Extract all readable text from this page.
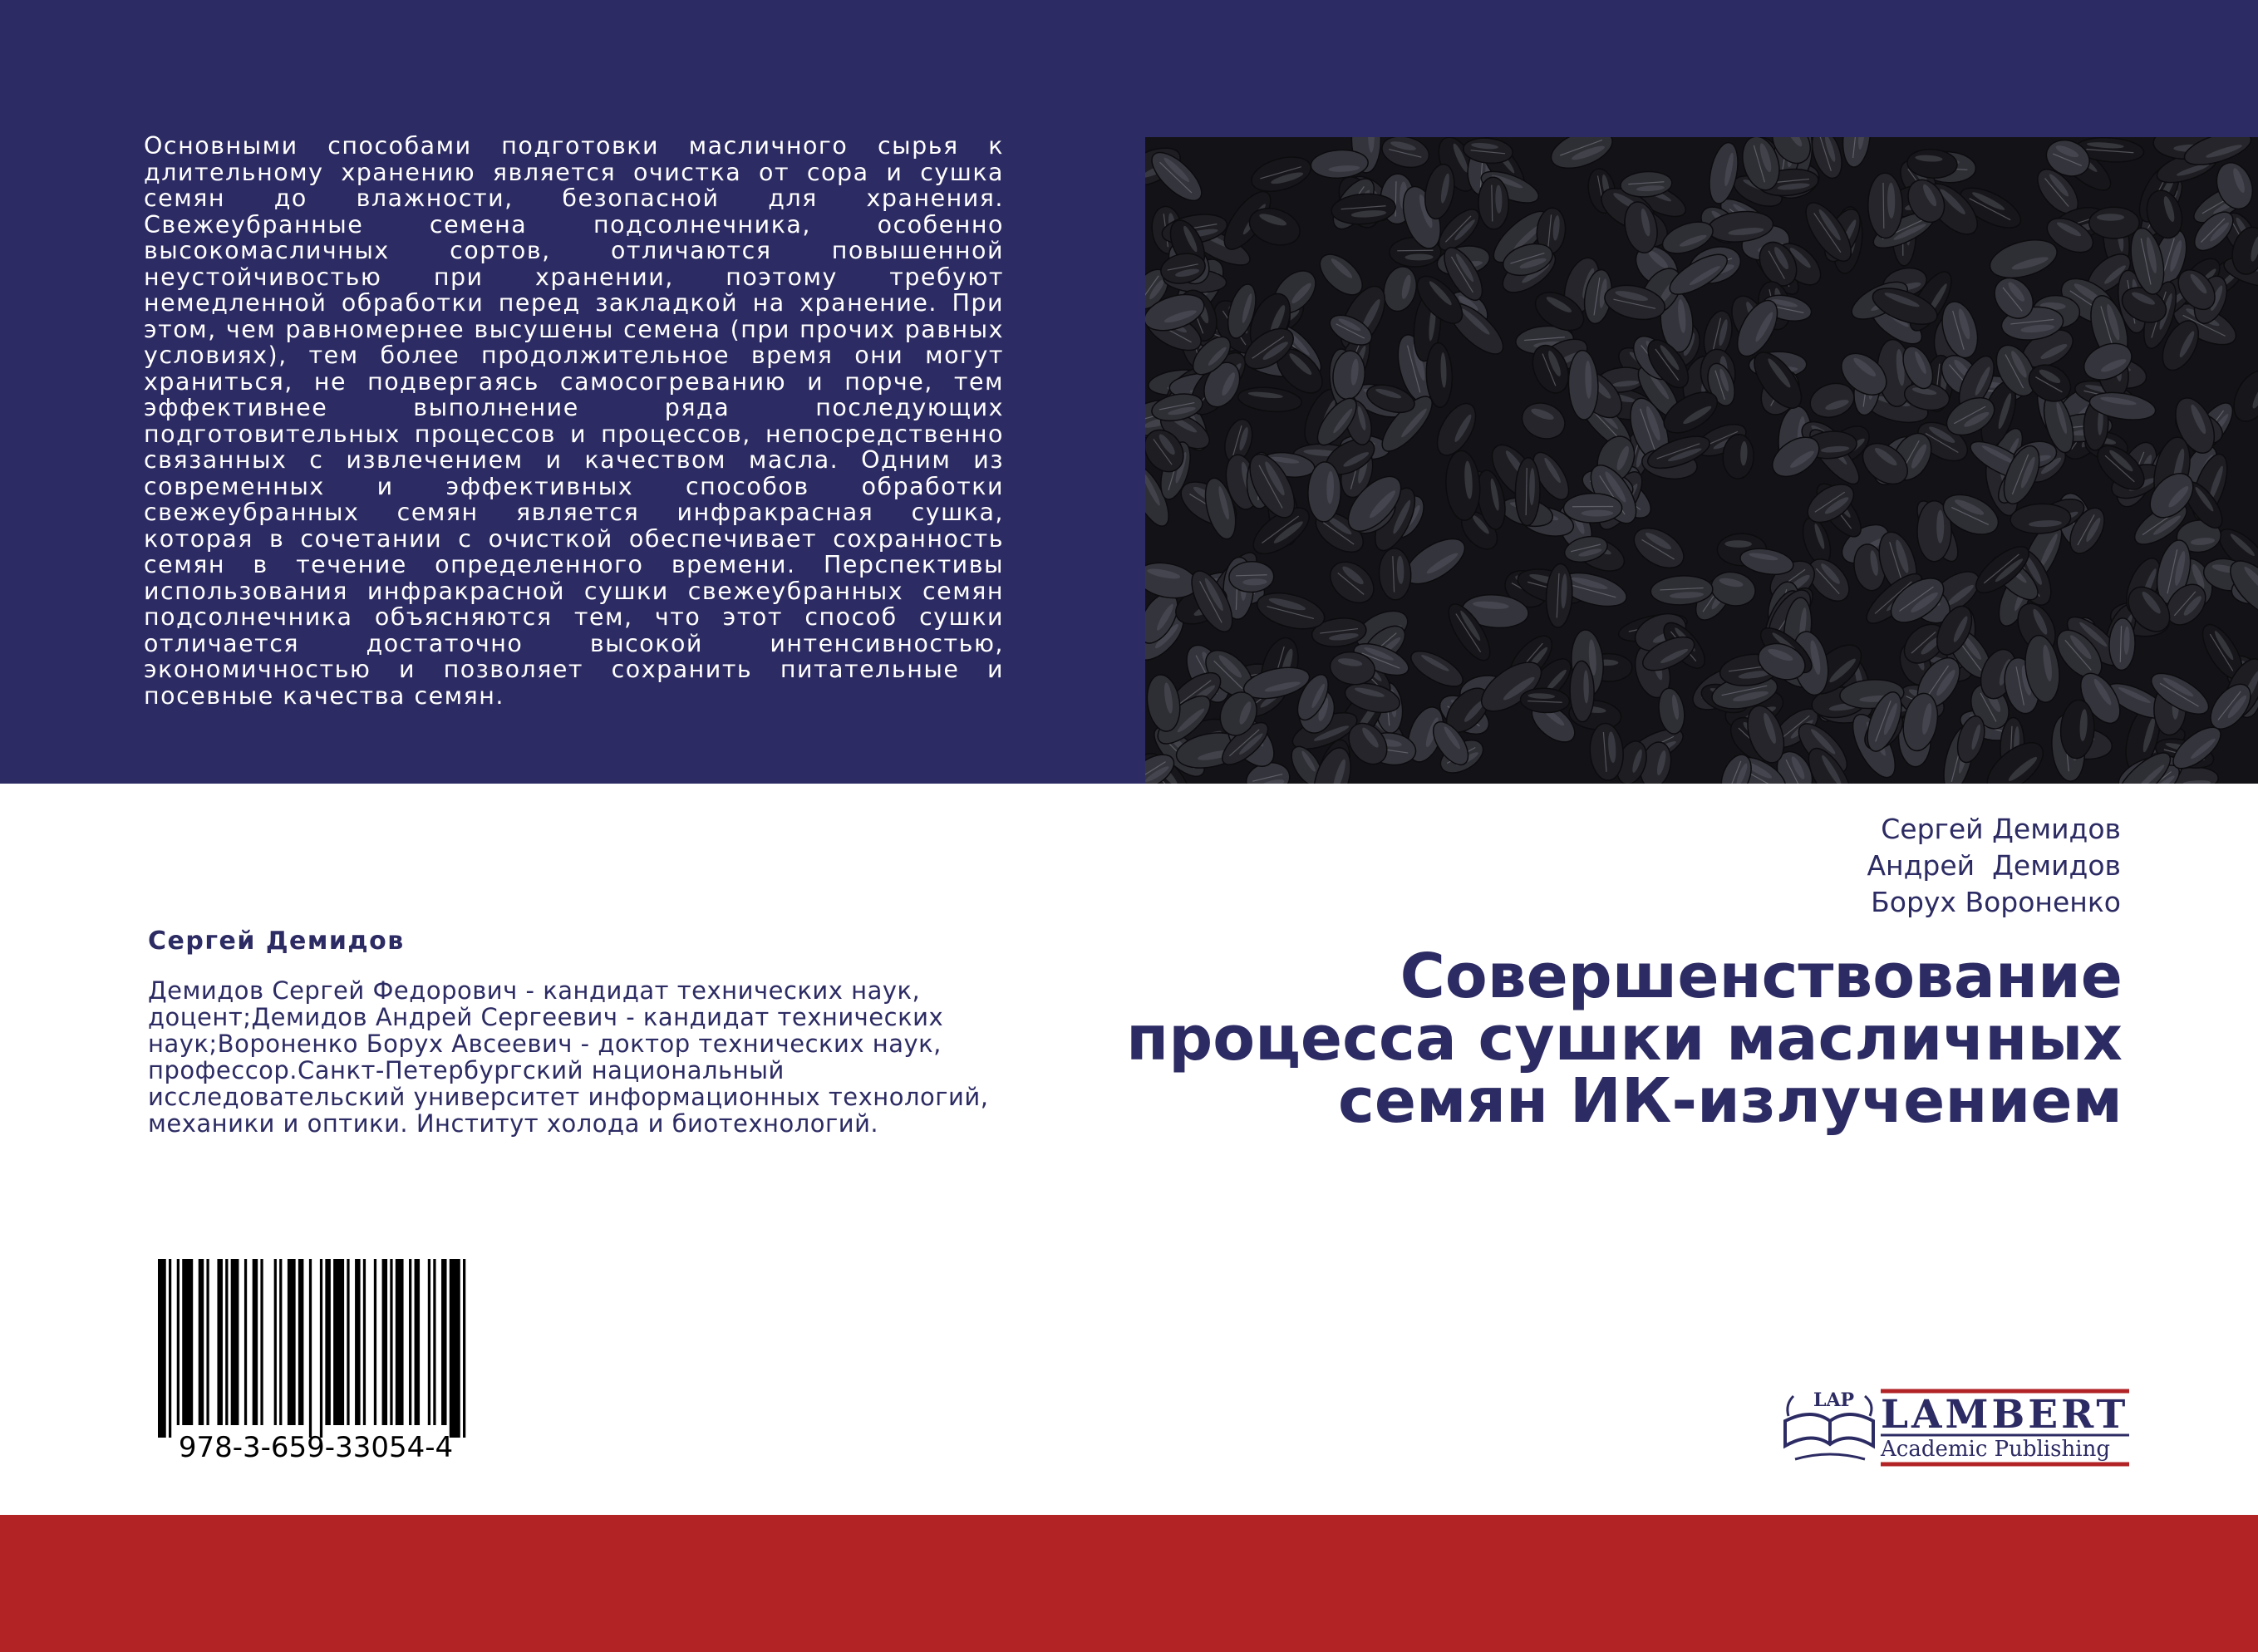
Основными способами подготовки масличного сырья к длительному хранению является очистка от сора и сушка семян до влажности, безопасной для хранения. Свежеубранные семена подсолнечника, особенно высокомасличных сортов, отличаются повышенной неустойчивостью при хранении, поэтому требуют немедленной обработки перед закладкой на хранение. При этом, чем равномернее высушены семена (при прочих равных условиях), тем более продолжительное время они могут храниться, не подвергаясь самосогреванию и порче, тем эффективнее выполнение ряда последующих подготовительных процессов и процессов, непосредственно связанных с извлечением и качеством масла. Одним из современных и эффективных способов обработки свежеубранных семян является инфракрасная сушка, которая в сочетании с очисткой обеспечивает сохранность семян в течение определенного времени. Перспективы использования инфракрасной сушки свежеубранных семян подсолнечника объясняются тем, что этот способ сушки отличается достаточно высокой интенсивностью, экономичностью и позволяет сохранить питательные и посевные качества семян.
Сергей Демидов
Андрей  Демидов
Борух Вороненко
Совершенствование процесса сушки масличных семян ИК-излучением
Сергей Демидов
Демидов Сергей Федорович - кандидат технических наук, доцент;Демидов Андрей Сергеевич - кандидат технических наук;Вороненко Борух Авсеевич - доктор технических наук, профессор.Санкт-Петербургский национальный исследовательский университет информационных технологий, механики и оптики. Институт холода и биотехнологий.
978-3-659-33054-4
LAP LAMBERT
Academic Publishing
